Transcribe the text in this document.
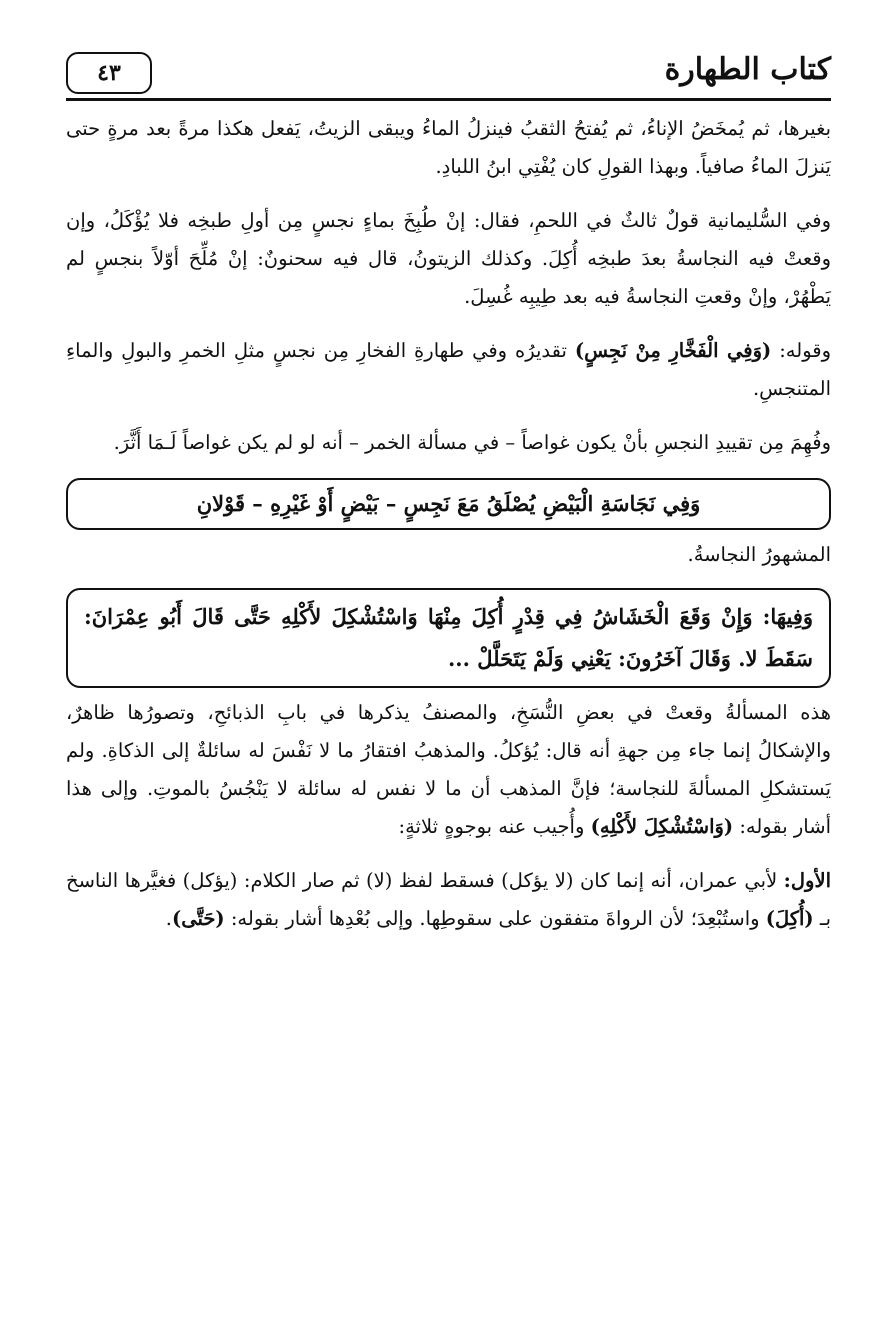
كتاب الطهارة
٤٣

بغيرها، ثم يُمخَضُ الإناءُ، ثم يُفتحُ الثقبُ فينزلُ الماءُ ويبقى الزيتُ، يَفعل هكذا مرةً بعد مرةٍ حتى يَنزلَ الماءُ صافياً. وبهذا القولِ كان يُفْتِي ابنُ اللبادِ.

وفي السُّليمانية قولٌ ثالثٌ في اللحمِ، فقال: إنْ طُبِخَ بماءٍ نجسٍ مِن أولِ طبخِه فلا يُؤْكَلُ، وإن وقعتْ فيه النجاسةُ بعدَ طبخِه أُكِلَ. وكذلك الزيتونُ، قال فيه سحنونٌ: إنْ مُلِّحَ أوّلاً بنجسٍ لم يَطْهُرْ، وإنْ وقعتِ النجاسةُ فيه بعد طِيبِه غُسِلَ.

وقوله: (وَفِي الْفَخَّارِ مِنْ نَجِسٍ) تقديرُه وفي طهارةِ الفخارِ مِن نجسٍ مثلِ الخمرِ والبولِ والماءِ المتنجسِ.

وفُهِمَ مِن تقييدِ النجسِ بأنْ يكون غواصاً – في مسألة الخمر – أنه لو لم يكن غواصاً لَـمَا أَثَّرَ.

وَفِي نَجَاسَةِ الْبَيْضِ يُصْلَقُ مَعَ نَجِسٍ – بَيْضٍ أَوْ غَيْرِهِ – قَوْلانِ

المشهورُ النجاسةُ.

وَفِيهَا: وَإِنْ وَقَعَ الْخَشَاشُ فِي قِدْرٍ أُكِلَ مِنْهَا وَاسْتُشْكِلَ لأَكْلِهِ حَتَّى قَالَ أَبُو عِمْرَانَ: سَقَطَ لا. وَقَالَ آخَرُونَ: يَعْنِي وَلَمْ يَتَحَلَّلْ ...

هذه المسألةُ وقعتْ في بعضِ النُّسَخِ، والمصنفُ يذكرها في بابِ الذبائحِ، وتصورُها ظاهرٌ، والإشكالُ إنما جاء مِن جهةِ أنه قال: يُؤكلُ. والمذهبُ افتقارُ ما لا نَفْسَ له سائلةٌ إلى الذكاةِ. ولم يَستشكلِ المسألةَ للنجاسة؛ فإنَّ المذهب أن ما لا نفس له سائلة لا يَنْجُسُ بالموتِ. وإلى هذا أشار بقوله: (وَاسْتُشْكِلَ لأَكْلِهِ) وأُجيب عنه بوجوهٍ ثلاثةٍ:

الأول: لأبي عمران، أنه إنما كان (لا يؤكل) فسقط لفظ (لا) ثم صار الكلام: (يؤكل) فغيَّرها الناسخ بـ (أُكِلَ) واستُبْعِدَ؛ لأن الرواةَ متفقون على سقوطِها. وإلى بُعْدِها أشار بقوله: (حَتَّى).
